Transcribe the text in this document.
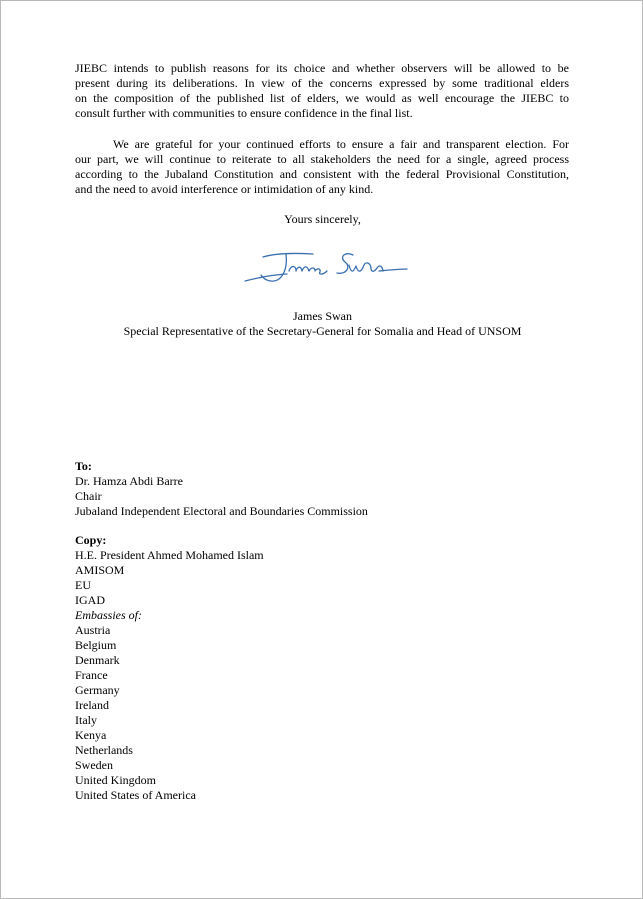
JIEBC intends to publish reasons for its choice and whether observers will be allowed to be
present during its deliberations. In view of the concerns expressed by some traditional elders
on the composition of the published list of elders, we would as well encourage the JIEBC to
consult further with communities to ensure confidence in the final list.
We are grateful for your continued efforts to ensure a fair and transparent election. For
our part, we will continue to reiterate to all stakeholders the need for a single, agreed process
according to the Jubaland Constitution and consistent with the federal Provisional Constitution,
and the need to avoid interference or intimidation of any kind.
Yours sincerely,
James Swan
Special Representative of the Secretary-General for Somalia and Head of UNSOM
To:
Dr. Hamza Abdi Barre
Chair
Jubaland Independent Electoral and Boundaries Commission
Copy:
H.E. President Ahmed Mohamed Islam
AMISOM
EU
IGAD
Embassies of:
Austria
Belgium
Denmark
France
Germany
Ireland
Italy
Kenya
Netherlands
Sweden
United Kingdom
United States of America
